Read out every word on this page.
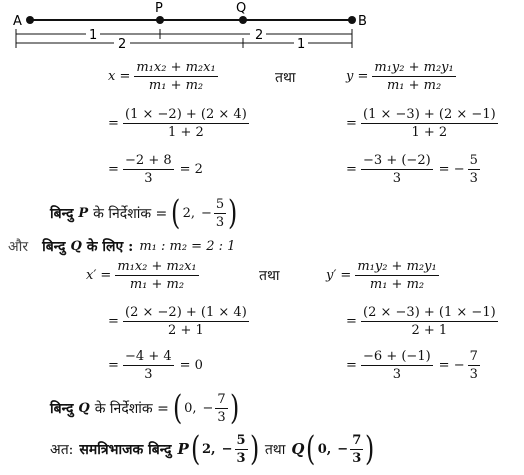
A
P	Q
B
1	2
2	1
$x = \frac{\text{m₁x₂ + m₂x₁}}{\text{m₁ + m₂}}$	तथा	$y = \frac{\text{m₁y₂ + m₂y₁}}{\text{m₁ + m₂}}$
= $\frac{(1 \times -2) + (2 \times 4)}{1 + 2}$	= $\frac{(1 \times -3) + (2 \times -1)}{1 + 2}$
= $\frac{-2 + 8}{3} = 2$	= $\frac{-3 + (-2)}{3}$ = − $\frac{5}{3}$
बिन्दु P के निर्देशांक = ( 2, − $\frac{5}{3}$ )
और बिन्दु Q के लिए : m₁ : m₂ = 2 : 1
$x' = \frac{\text{m₁x₂ + m₂x₁}}{\text{m₁ + m₂}}$	तथा	$y' = \frac{\text{m₁y₂ + m₂y₁}}{\text{m₁ + m₂}}$
= $\frac{(2 \times -2) + (1 \times 4)}{2 + 1}$	= $\frac{(2 \times -3) + (1 \times -1)}{2 + 1}$
= $\frac{-4 + 4}{3} = 0$	= $\frac{-6 + (-1)}{3}$ = − $\frac{7}{3}$
बिन्दु Q के निर्देशांक = ( 0, − $\frac{7}{3}$ )
अत: समत्रिभाजक बिन्दु P ( 2, − $\frac{5}{3}$ ) तथा Q ( 0, − $\frac{7}{3}$ )
